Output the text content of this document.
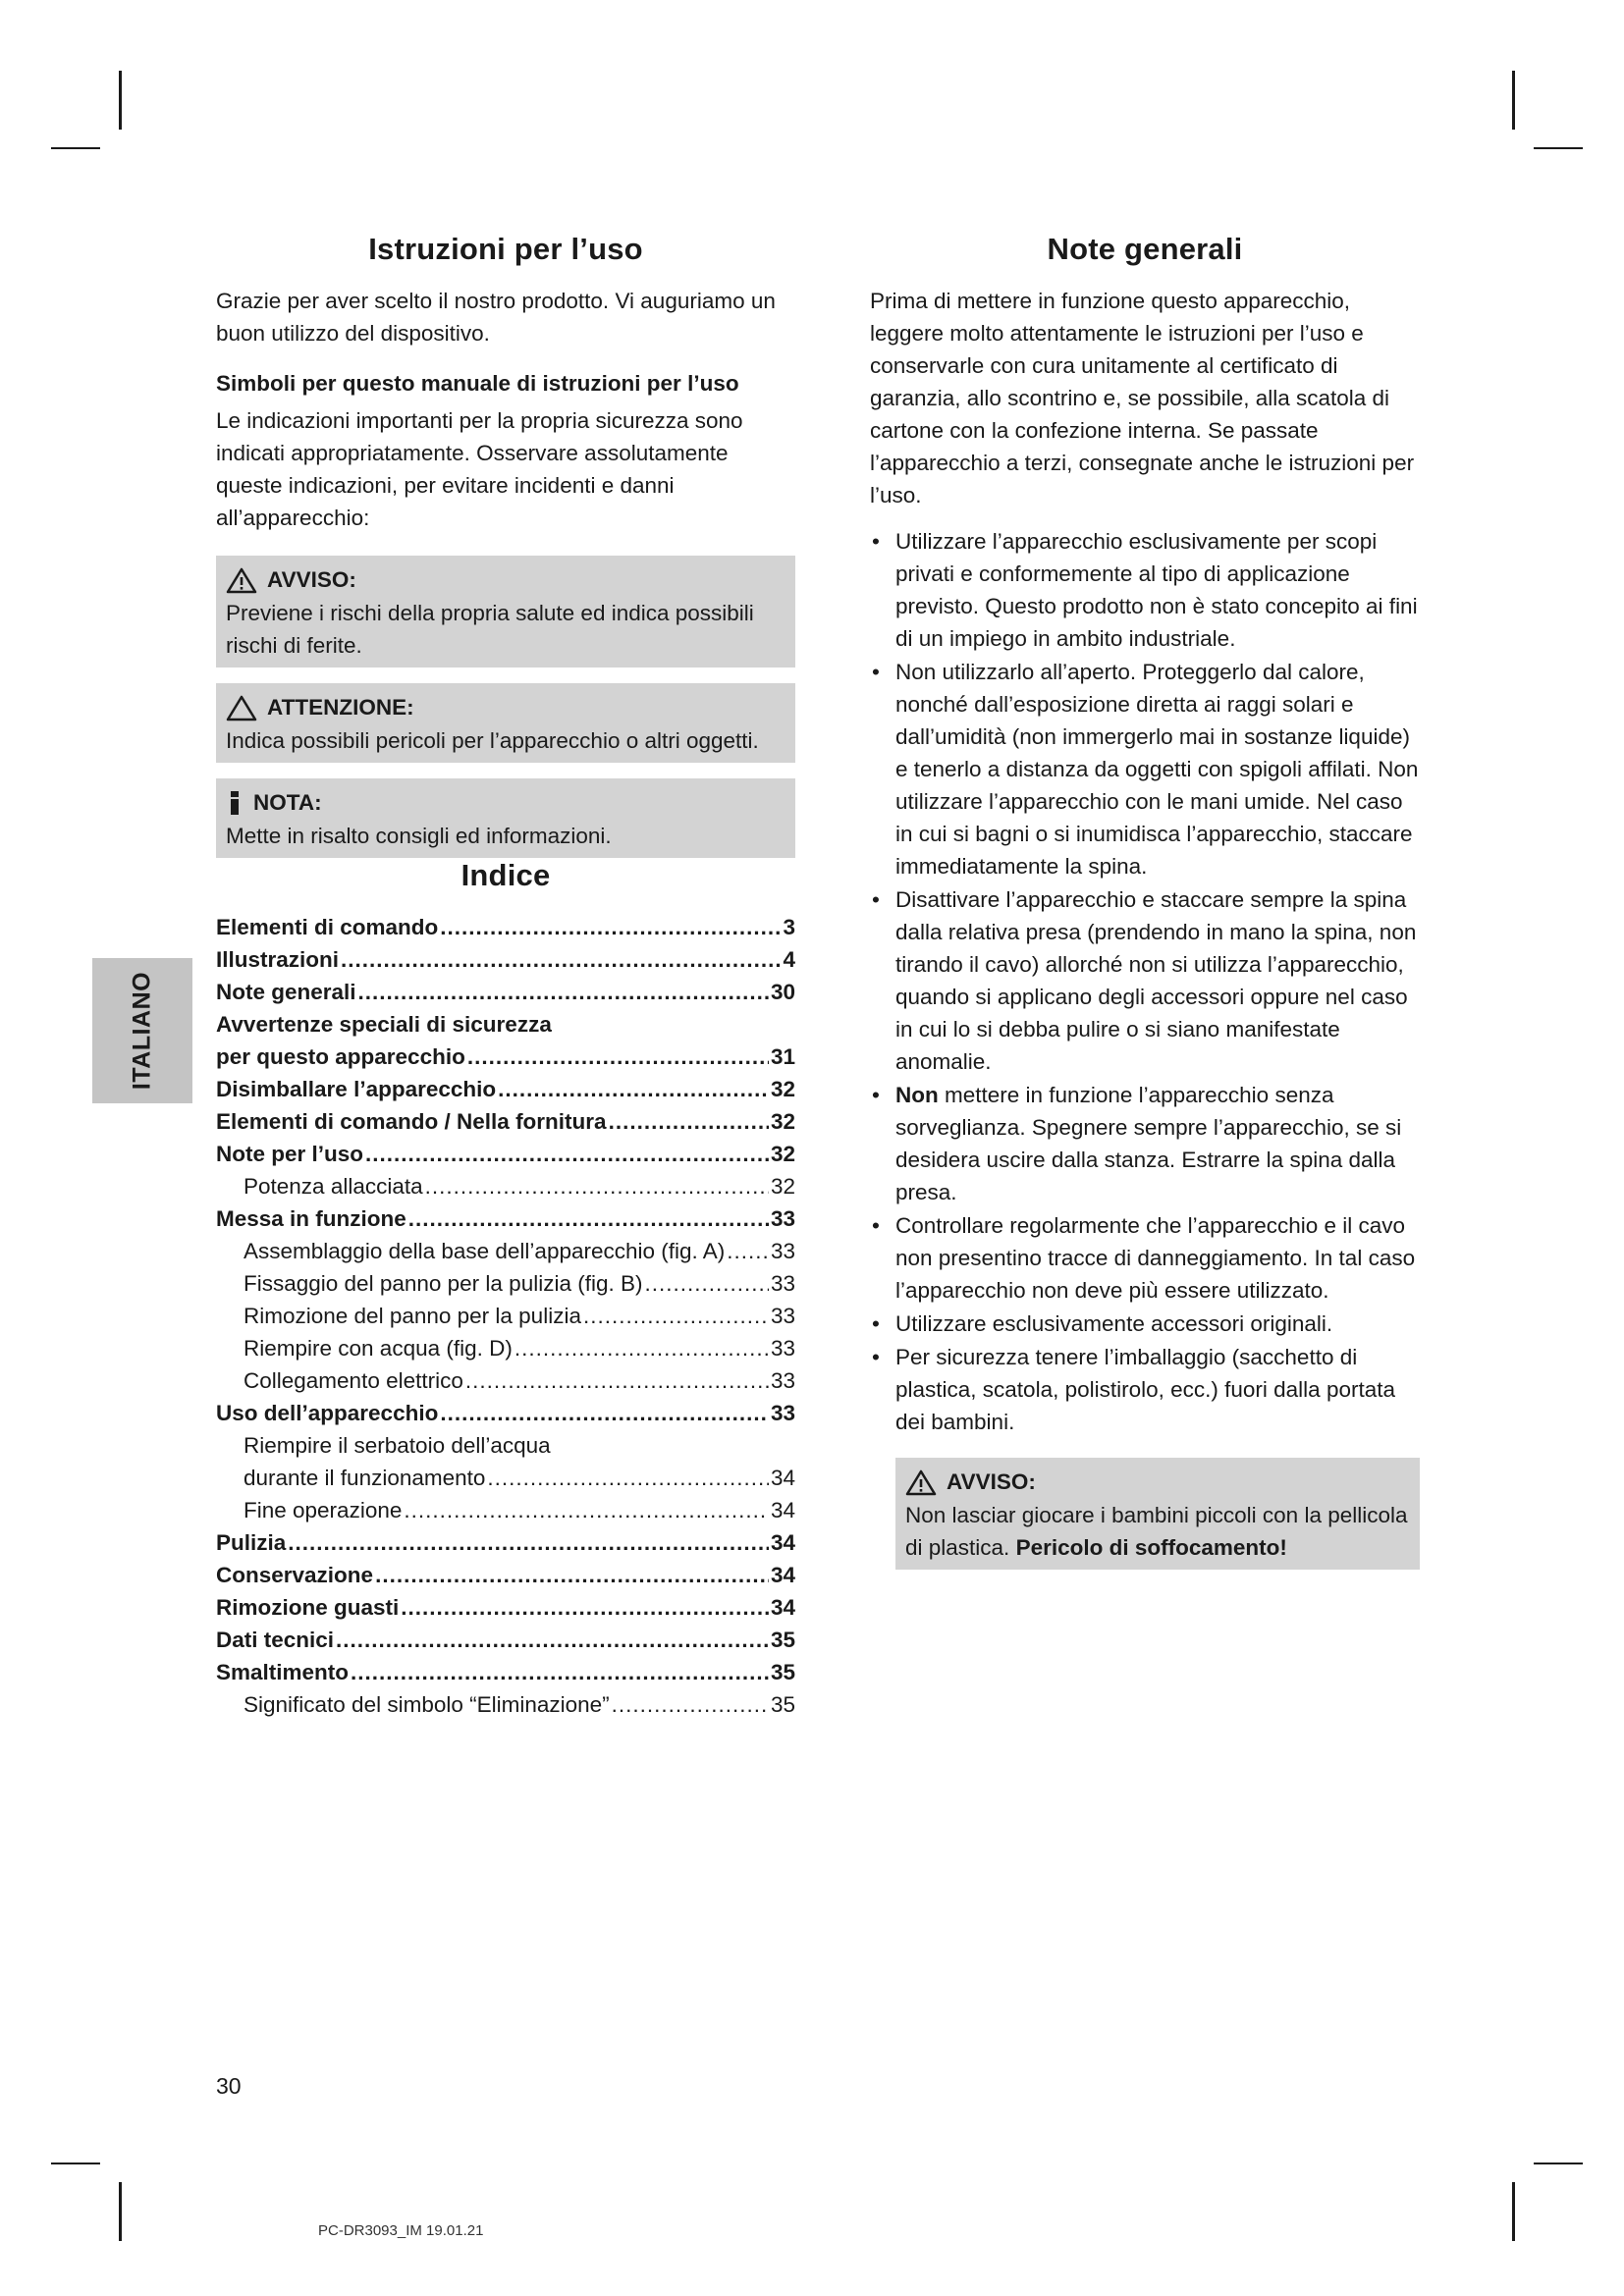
ITALIANO
Istruzioni per l’uso

Grazie per aver scelto il nostro prodotto. Vi auguriamo un buon utilizzo del dispositivo.

Simboli per questo manuale di istruzioni per l’uso

Le indicazioni importanti per la propria sicurezza sono indicati appropriatamente. Osservare assolutamente queste indicazioni, per evitare incidenti e danni all’apparecchio:

AVVISO:
Previene i rischi della propria salute ed indica possibili rischi di ferite.
ATTENZIONE:
Indica possibili pericoli per l’apparecchio o altri oggetti.
NOTA:
Mette in risalto consigli ed informazioni.
Indice
Elementi di comando .....	3
Illustrazioni .....	4
Note generali .....	30
Avvertenze speciali di sicurezza
per questo apparecchio .....	31
Disimballare l’apparecchio .....	32
Elementi di comando / Nella fornitura .....	32
Note per l’uso .....	32
Potenza allacciata .....	32
Messa in funzione .....	33
Assemblaggio della base dell’apparecchio (fig. A) ..... 33
Fissaggio del panno per la pulizia (fig. B) .....	33
Rimozione del panno per la pulizia .....	33
Riempire con acqua (fig. D) .....	33
Collegamento elettrico .....	33
Uso dell’apparecchio .....	33
Riempire il serbatoio dell’acqua
durante il funzionamento .....	34
Fine operazione .....	34
Pulizia .....	34
Conservazione .....	34
Rimozione guasti .....	34
Dati tecnici .....	35
Smaltimento .....	35
Significato del simbolo “Eliminazione” .....	35
Note generali

Prima di mettere in funzione questo apparecchio, leggere molto attentamente le istruzioni per l’uso e conservarle con cura unitamente al certificato di garanzia, allo scontrino e, se possibile, alla scatola di cartone con la confezione interna. Se passate l’apparecchio a terzi, consegnate anche le istruzioni per l’uso.

• Utilizzare l’apparecchio esclusivamente per scopi privati e conformemente al tipo di applicazione previsto. Questo prodotto non è stato concepito ai fini di un impiego in ambito industriale.
• Non utilizzarlo all’aperto. Proteggerlo dal calore, nonché dall’esposizione diretta ai raggi solari e dall’umidità (non immergerlo mai in sostanze liquide) e tenerlo a distanza da oggetti con spigoli affilati. Non utilizzare l’apparecchio con le mani umide. Nel caso in cui si bagni o si inumidisca l’apparecchio, staccare immediatamente la spina.
• Disattivare l’apparecchio e staccare sempre la spina dalla relativa presa (prendendo in mano la spina, non tirando il cavo) allorché non si utilizza l’apparecchio, quando si applicano degli accessori oppure nel caso in cui lo si debba pulire o si siano manifestate anomalie.
• Non mettere in funzione l’apparecchio senza sorveglianza. Spegnere sempre l’apparecchio, se si desidera uscire dalla stanza. Estrarre la spina dalla presa.
• Controllare regolarmente che l’apparecchio e il cavo non presentino tracce di danneggiamento. In tal caso l’apparecchio non deve più essere utilizzato.
• Utilizzare esclusivamente accessori originali.
• Per sicurezza tenere l’imballaggio (sacchetto di plastica, scatola, polistirolo, ecc.) fuori dalla portata dei bambini.
AVVISO:
Non lasciar giocare i bambini piccoli con la pellicola di plastica. Pericolo di soffocamento!
30
PC-DR3093_IM 19.01.21
